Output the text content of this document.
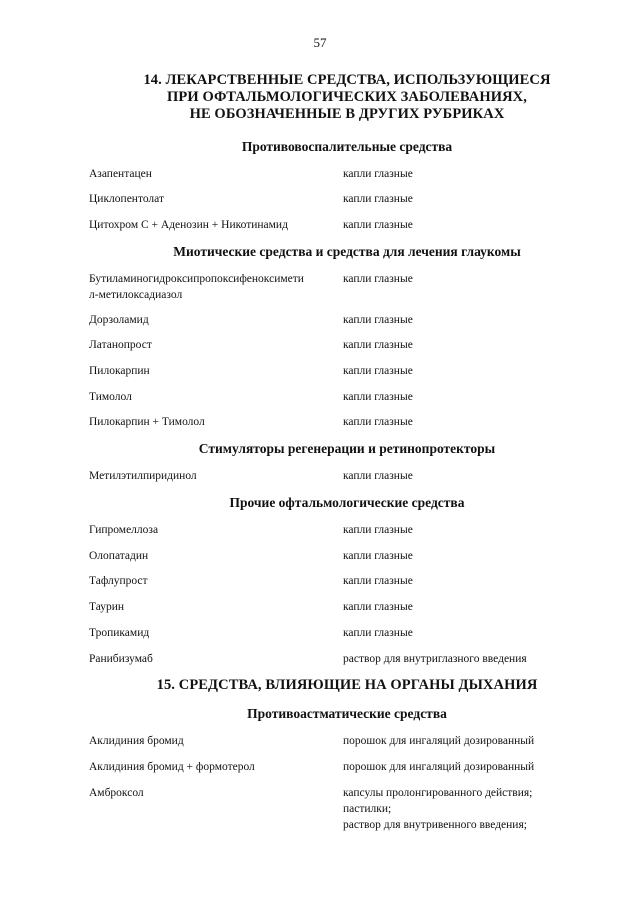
57
14. ЛЕКАРСТВЕННЫЕ СРЕДСТВА, ИСПОЛЬЗУЮЩИЕСЯ
ПРИ ОФТАЛЬМОЛОГИЧЕСКИХ ЗАБОЛЕВАНИЯХ,
НЕ ОБОЗНАЧЕННЫЕ В ДРУГИХ РУБРИКАХ
Противовоспалительные средства
Азапентацен	капли глазные
Циклопентолат	капли глазные
Цитохром С + Аденозин + Никотинамид	капли глазные
Миотические средства и средства для лечения глаукомы
Бутиламиногидроксипропоксифеноксимети
л-метилоксадиазол
капли глазные
Дорзоламид	капли глазные
Латанопрост	капли глазные
Пилокарпин	капли глазные
Тимолол	капли глазные
Пилокарпин + Тимолол	капли глазные
Стимуляторы регенерации и ретинопротекторы
Метилэтилпиридинол	капли глазные
Прочие офтальмологические средства
Гипромеллоза	капли глазные
Олопатадин	капли глазные
Тафлупрост	капли глазные
Таурин	капли глазные
Тропикамид	капли глазные
Ранибизумаб	раствор для внутриглазного введения
15. СРЕДСТВА, ВЛИЯЮЩИЕ НА ОРГАНЫ ДЫХАНИЯ
Противоастматические средства
Аклидиния бромид	порошок для ингаляций дозированный
Аклидиния бромид + формотерол	порошок для ингаляций дозированный
Амброксол	капсулы пролонгированного действия;
пастилки;
раствор для внутривенного введения;
